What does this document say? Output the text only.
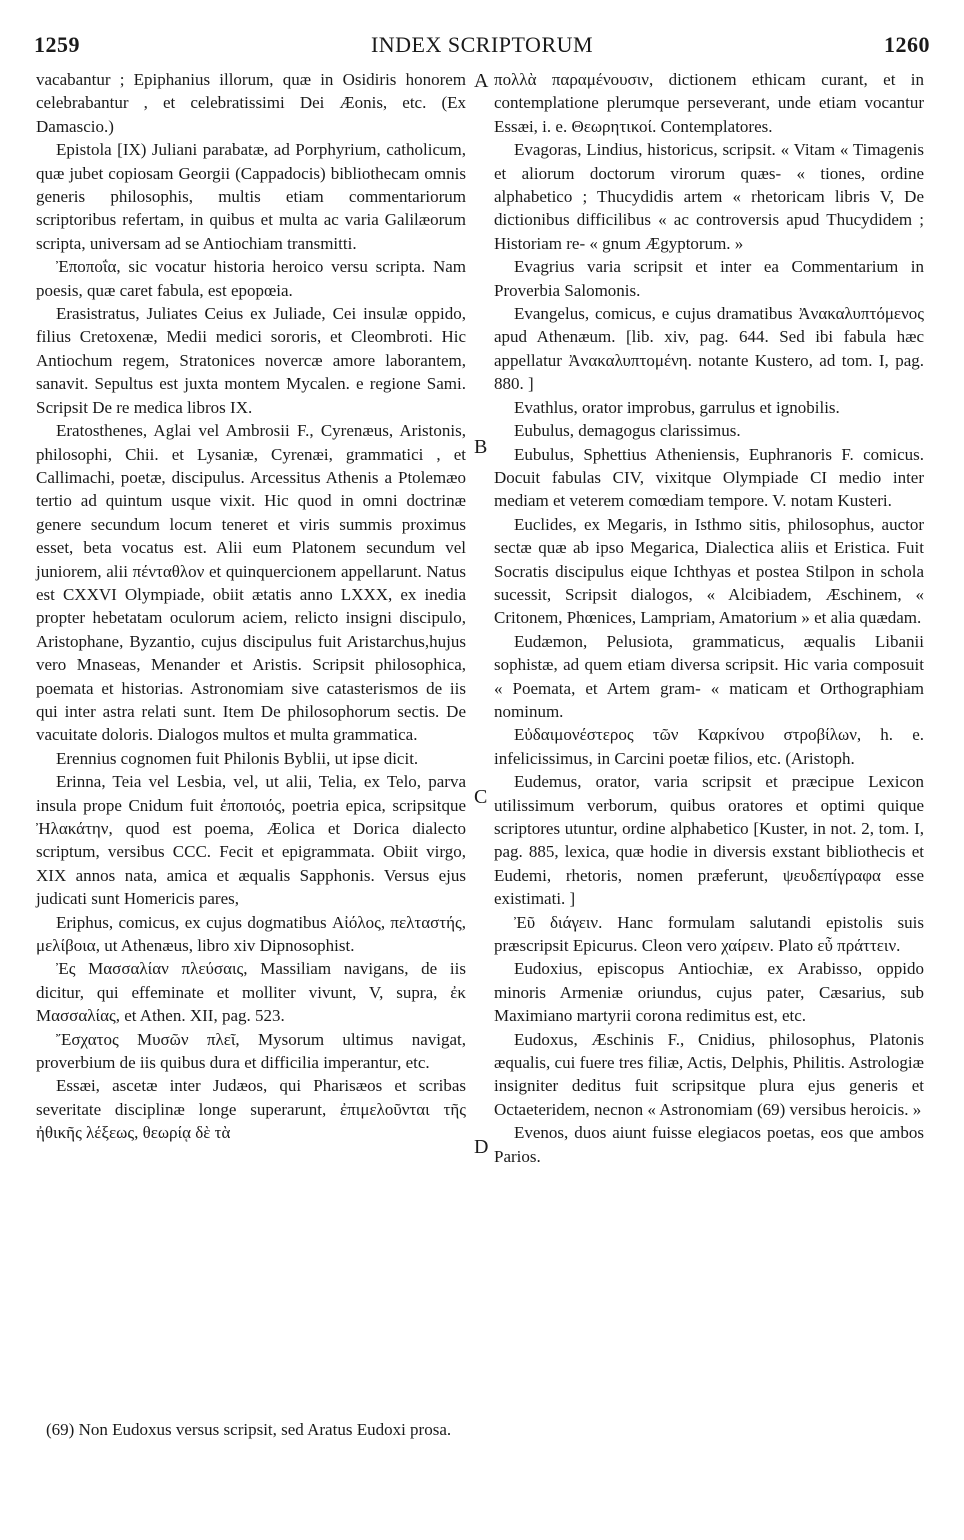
1259	INDEX SCRIPTORUM	1260

vacabantur ; Epiphanius illorum, quæ in Osidiris honorem celebrabantur , et celebratissimi Dei Æonis, etc. (Ex Damascio.)

Epistola [IX) Juliani parabatæ, ad Porphyrium, catholicum, quæ jubet copiosam Georgii (Cappadocis) bibliothecam omnis generis philosophis, multis etiam commentariorum scriptoribus refertam, in quibus et multa ac varia Galilæorum scripta, universam ad se Antiochiam transmitti.

Ἐποποΐα, sic vocatur historia heroico versu scripta. Nam poesis, quæ caret fabula, est epopœia.

Erasistratus, Juliates Ceius ex Juliade, Cei insulæ oppido, filius Cretoxenæ, Medii medici sororis, et Cleombroti. Hic Antiochum regem, Stratonices novercæ amore laborantem, sanavit. Sepultus est juxta montem Mycalen. e regione Sami. Scripsit De re medica libros IX.

Eratosthenes, Aglai vel Ambrosii F., Cyrenæus, Aristonis, philosophi, Chii. et Lysaniæ, Cyrenæi, grammatici , et Callimachi, poetæ, discipulus. Arcessitus Athenis a Ptolemæo tertio ad quintum usque vixit. Hic quod in omni doctrinæ genere secundum locum teneret et viris summis proximus esset, beta vocatus est. Alii eum Platonem secundum vel juniorem, alii πένταθλον et quinquercionem appellarunt. Natus est CXXVI Olympiade, obiit ætatis anno LXXX, ex inedia propter hebetatam oculorum aciem, relicto insigni discipulo, Aristophane, Byzantio, cujus discipulus fuit Aristarchus,hujus vero Mnaseas, Menander et Aristis. Scripsit philosophica, poemata et historias. Astronomiam sive catasterismos de iis qui inter astra relati sunt. Item De philosophorum sectis. De vacuitate doloris. Dialogos multos et multa grammatica.

Erennius cognomen fuit Philonis Byblii, ut ipse dicit.

Erinna, Teia vel Lesbia, vel, ut alii, Telia, ex Telo, parva insula prope Cnidum fuit ἐποποιός, poetria epica, scripsitque Ἠλακάτην, quod est poema, Æolica et Dorica dialecto scriptum, versibus CCC. Fecit et epigrammata. Obiit virgo, XIX annos nata, amica et æqualis Sapphonis. Versus ejus judicati sunt Homericis pares,

Eriphus, comicus, ex cujus dogmatibus Αἰόλος, πελταστής, μελίβοια, ut Athenæus, libro xiv Dipnosophist.

Ἐς Μασσαλίαν πλεύσαις, Massiliam navigans, de iis dicitur, qui effeminate et molliter vivunt, V, supra, ἐκ Μασσαλίας, et Athen. XII, pag. 523.

Ἔσχατος Μυσῶν πλεῖ, Mysorum ultimus navigat, proverbium de iis quibus dura et difficilia imperantur, etc.

Essæi, ascetæ inter Judæos, qui Pharisæos et scribas severitate disciplinæ longe superarunt, ἐπιμελοῦνται τῆς ἠθικῆς λέξεως, θεωρίᾳ δὲ τὰ

πολλὰ παραμένουσιν, dictionem ethicam curant, et in contemplatione plerumque perseverant, unde etiam vocantur Essæi, i. e. Θεωρητικοί. Contemplatores.

Evagoras, Lindius, historicus, scripsit. « Vitam « Timagenis et aliorum doctorum virorum quæs- « tiones, ordine alphabetico ; Thucydidis artem « rhetoricam libris V, De dictionibus difficilibus « ac controversis apud Thucydidem ; Historiam re- « gnum Ægyptorum. »

Evagrius varia scripsit et inter ea Commentarium in Proverbia Salomonis.

Evangelus, comicus, e cujus dramatibus Ἀνακαλυπτόμενος apud Athenæum. [lib. xiv, pag. 644. Sed ibi fabula hæc appellatur Ἀνακαλυπτομένη. notante Kustero, ad tom. I, pag. 880. ]

Evathlus, orator improbus, garrulus et ignobilis.

Eubulus, demagogus clarissimus.

Eubulus, Sphettius Atheniensis, Euphranoris F. comicus. Docuit fabulas CIV, vixitque Olympiade CI medio inter mediam et veterem comœdiam tempore. V. notam Kusteri.

Euclides, ex Megaris, in Isthmo sitis, philosophus, auctor sectæ quæ ab ipso Megarica, Dialectica aliis et Eristica. Fuit Socratis discipulus eique Ichthyas et postea Stilpon in schola sucessit, Scripsit dialogos, « Alcibiadem, Æschinem, « Critonem, Phœnices, Lampriam, Amatorium » et alia quædam.

Eudæmon, Pelusiota, grammaticus, æqualis Libanii sophistæ, ad quem etiam diversa scripsit. Hic varia composuit « Poemata, et Artem gram- « maticam et Orthographiam nominum.

Εὐδαιμονέστερος τῶν Καρκίνου στροβίλων, h. e. infelicissimus, in Carcini poetæ filios, etc. (Aristoph.

Eudemus, orator, varia scripsit et præcipue Lexicon utilissimum verborum, quibus oratores et optimi quique scriptores utuntur, ordine alphabetico [Kuster, in not. 2, tom. I, pag. 885, lexica, quæ hodie in diversis exstant bibliothecis et Eudemi, rhetoris, nomen præferunt, ψευδεπίγραφα esse existimati. ]

Ἐῦ διάγειν. Hanc formulam salutandi epistolis suis præscripsit Epicurus. Cleon vero χαίρειν. Plato εὖ πράττειν.

Eudoxius, episcopus Antiochiæ, ex Arabisso, oppido minoris Armeniæ oriundus, cujus pater, Cæsarius, sub Maximiano martyrii corona redimitus est, etc.

Eudoxus, Æschinis F., Cnidius, philosophus, Platonis æqualis, cui fuere tres filiæ, Actis, Delphis, Philitis. Astrologiæ insigniter deditus fuit scripsitque plura ejus generis et Octaeteridem, necnon « Astronomiam (69) versibus heroicis. »

Evenos, duos aiunt fuisse elegiacos poetas, eos que ambos Parios.

A
B
C
D
(69) Non Eudoxus versus scripsit, sed Aratus Eudoxi prosa.
